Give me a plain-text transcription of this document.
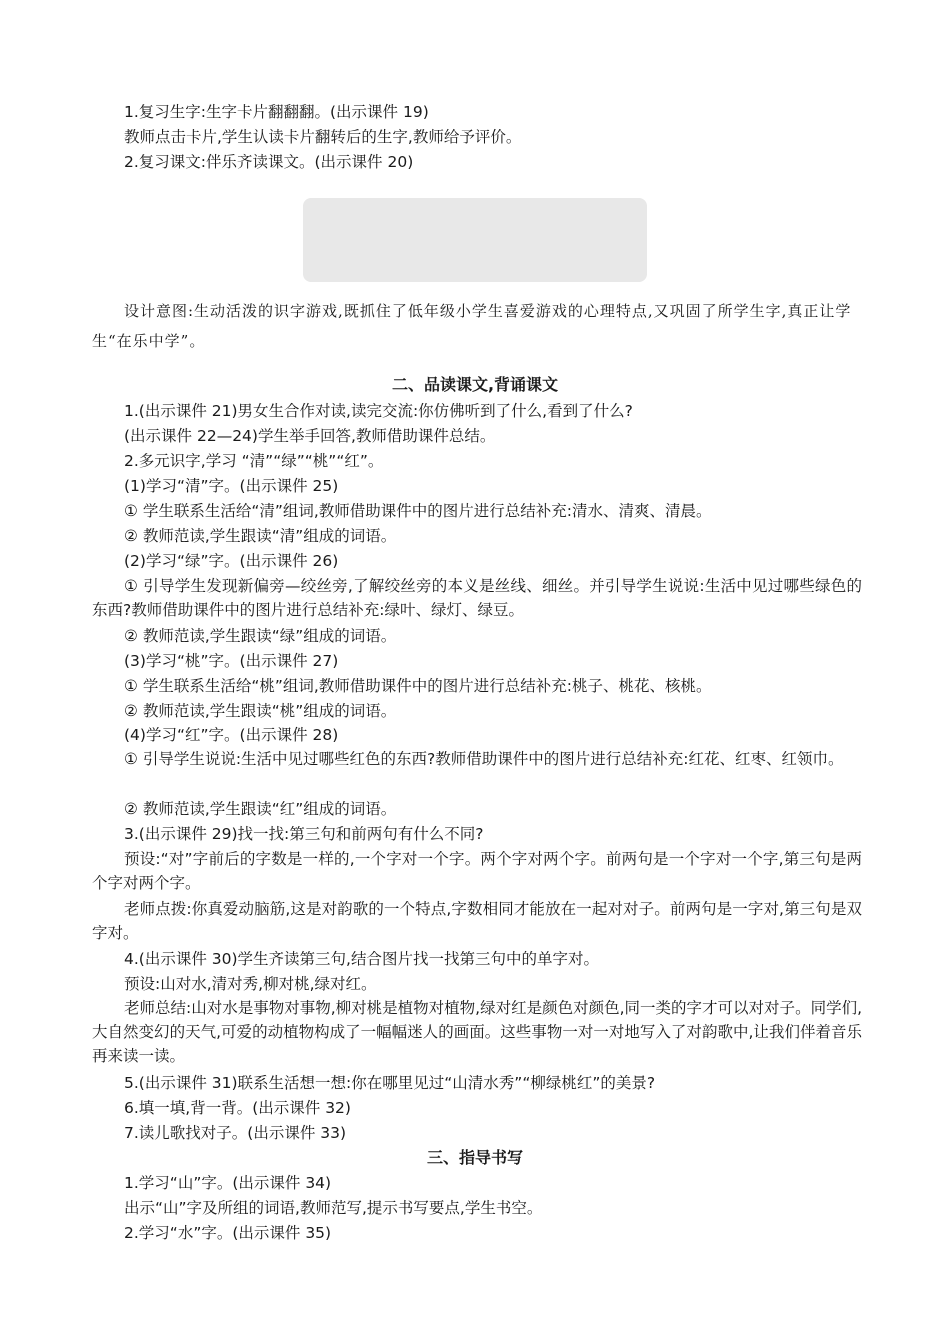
1.复习生字:生字卡片翻翻翻。(出示课件 19)
教师点击卡片,学生认读卡片翻转后的生字,教师给予评价。
2.复习课文:伴乐齐读课文。(出示课件 20)
设计意图:生动活泼的识字游戏,既抓住了低年级小学生喜爱游戏的心理特点,又巩固了所学生字,真正让学生“在乐中学”。
二、品读课文,背诵课文
1.(出示课件 21)男女生合作对读,读完交流:你仿佛听到了什么,看到了什么?
(出示课件 22—24)学生举手回答,教师借助课件总结。
2.多元识字,学习 “清”“绿”“桃”“红”。
(1)学习“清”字。(出示课件 25)
① 学生联系生活给“清”组词,教师借助课件中的图片进行总结补充:清水、清爽、清晨。
② 教师范读,学生跟读“清”组成的词语。
(2)学习“绿”字。(出示课件 26)
① 引导学生发现新偏旁—绞丝旁,了解绞丝旁的本义是丝线、细丝。并引导学生说说:生活中见过哪些绿色的东西?教师借助课件中的图片进行总结补充:绿叶、绿灯、绿豆。
② 教师范读,学生跟读“绿”组成的词语。
(3)学习“桃”字。(出示课件 27)
① 学生联系生活给“桃”组词,教师借助课件中的图片进行总结补充:桃子、桃花、核桃。
② 教师范读,学生跟读“桃”组成的词语。
(4)学习“红”字。(出示课件 28)
① 引导学生说说:生活中见过哪些红色的东西?教师借助课件中的图片进行总结补充:红花、红枣、红领巾。
② 教师范读,学生跟读“红”组成的词语。
3.(出示课件 29)找一找:第三句和前两句有什么不同?
预设:“对”字前后的字数是一样的,一个字对一个字。两个字对两个字。前两句是一个字对一个字,第三句是两个字对两个字。
老师点拨:你真爱动脑筋,这是对韵歌的一个特点,字数相同才能放在一起对对子。前两句是一字对,第三句是双字对。
4.(出示课件 30)学生齐读第三句,结合图片找一找第三句中的单字对。
预设:山对水,清对秀,柳对桃,绿对红。
老师总结:山对水是事物对事物,柳对桃是植物对植物,绿对红是颜色对颜色,同一类的字才可以对对子。同学们,大自然变幻的天气,可爱的动植物构成了一幅幅迷人的画面。这些事物一对一对地写入了对韵歌中,让我们伴着音乐再来读一读。
5.(出示课件 31)联系生活想一想:你在哪里见过“山清水秀”“柳绿桃红”的美景?
6.填一填,背一背。(出示课件 32)
7.读儿歌找对子。(出示课件 33)
三、指导书写
1.学习“山”字。(出示课件 34)
出示“山”字及所组的词语,教师范写,提示书写要点,学生书空。
2.学习“水”字。(出示课件 35)
